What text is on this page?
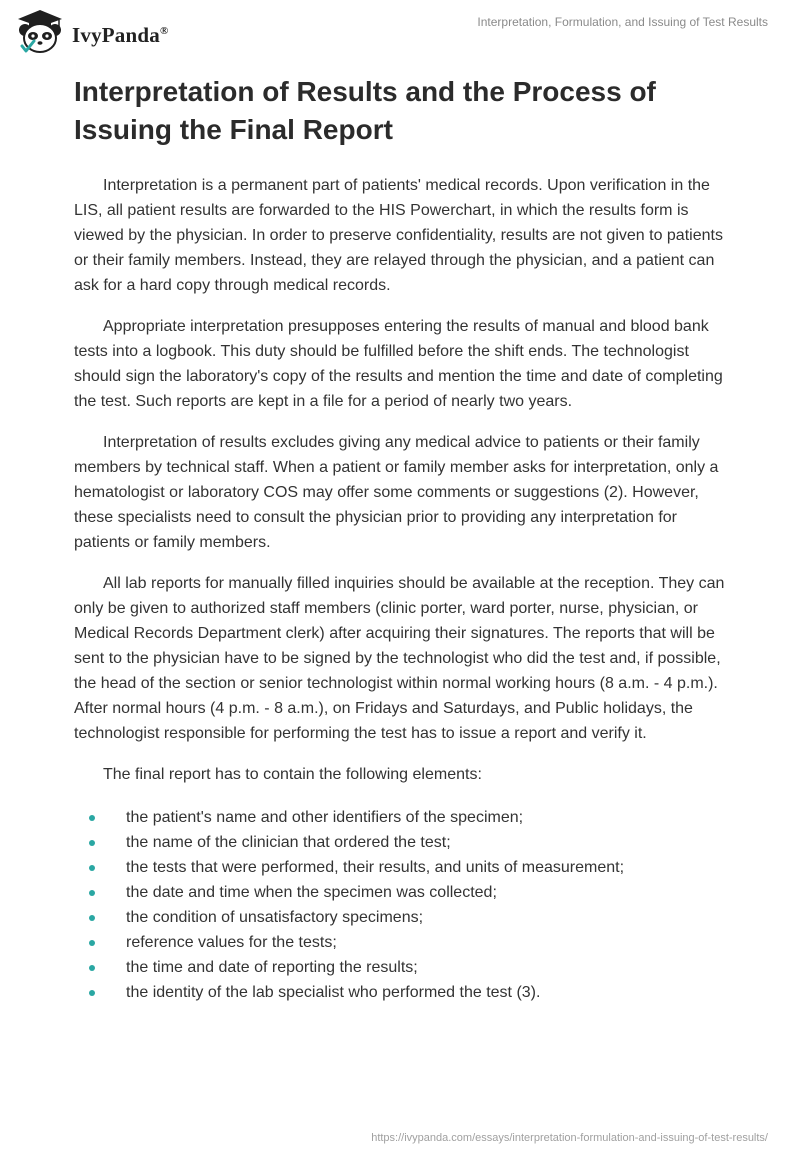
IvyPanda®
Interpretation, Formulation, and Issuing of Test Results
Interpretation of Results and the Process of Issuing the Final Report

Interpretation is a permanent part of patients' medical records. Upon verification in the LIS, all patient results are forwarded to the HIS Powerchart, in which the results form is viewed by the physician. In order to preserve confidentiality, results are not given to patients or their family members. Instead, they are relayed through the physician, and a patient can ask for a hard copy through medical records.

Appropriate interpretation presupposes entering the results of manual and blood bank tests into a logbook. This duty should be fulfilled before the shift ends. The technologist should sign the laboratory's copy of the results and mention the time and date of completing the test. Such reports are kept in a file for a period of nearly two years.

Interpretation of results excludes giving any medical advice to patients or their family members by technical staff. When a patient or family member asks for interpretation, only a hematologist or laboratory COS may offer some comments or suggestions (2). However, these specialists need to consult the physician prior to providing any interpretation for patients or family members.

All lab reports for manually filled inquiries should be available at the reception. They can only be given to authorized staff members (clinic porter, ward porter, nurse, physician, or Medical Records Department clerk) after acquiring their signatures. The reports that will be sent to the physician have to be signed by the technologist who did the test and, if possible, the head of the section or senior technologist within normal working hours (8 a.m. - 4 p.m.). After normal hours (4 p.m. - 8 a.m.), on Fridays and Saturdays, and Public holidays, the technologist responsible for performing the test has to issue a report and verify it.

The final report has to contain the following elements:

the patient's name and other identifiers of the specimen;
the name of the clinician that ordered the test;
the tests that were performed, their results, and units of measurement;
the date and time when the specimen was collected;
the condition of unsatisfactory specimens;
reference values for the tests;
the time and date of reporting the results;
the identity of the lab specialist who performed the test (3).
https://ivypanda.com/essays/interpretation-formulation-and-issuing-of-test-results/
